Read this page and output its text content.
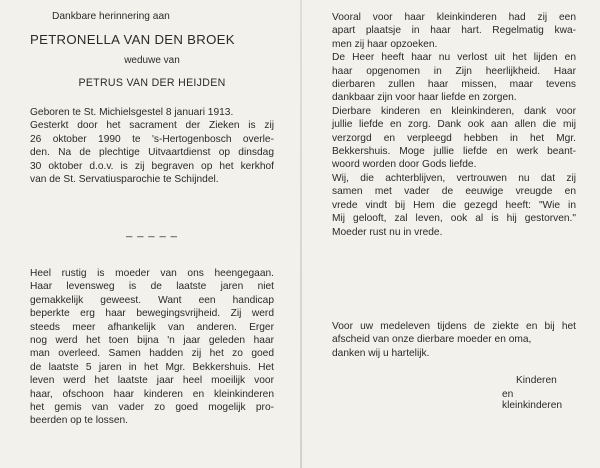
Dankbare herinnering aan
PETRONELLA VAN DEN BROEK
weduwe van
PETRUS VAN DER HEIJDEN
Geboren te St. Michielsgestel 8 januari 1913.
Gesterkt door het sacrament der Zieken is zij
26 oktober 1990 te 's-Hertogenbosch overle-
den. Na de plechtige Uitvaartdienst op dinsdag
30 oktober d.o.v. is zij begraven op het kerkhof
van de St. Servatiusparochie te Schijndel.
_ _ _ _ _
Heel rustig is moeder van ons heengegaan.
Haar levensweg is de laatste jaren niet
gemakkelijk geweest. Want een handicap
beperkte erg haar bewegingsvrijheid. Zij werd
steeds meer afhankelijk van anderen. Erger
nog werd het toen bijna 'n jaar geleden haar
man overleed. Samen hadden zij het zo goed
de laatste 5 jaren in het Mgr. Bekkershuis. Het
leven werd het laatste jaar heel moeilijk voor
haar, ofschoon haar kinderen en kleinkinderen
het gemis van vader zo goed mogelijk pro-
beerden op te lossen.
Vooral voor haar kleinkinderen had zij een
apart plaatsje in haar hart. Regelmatig kwa-
men zij haar opzoeken.
De Heer heeft haar nu verlost uit het lijden en
haar opgenomen in Zijn heerlijkheid. Haar
dierbaren zullen haar missen, maar tevens
dankbaar zijn voor haar liefde en zorgen.
Dierbare kinderen en kleinkinderen, dank voor
jullie liefde en zorg. Dank ook aan allen die mij
verzorgd en verpleegd hebben in het Mgr.
Bekkershuis. Moge jullie liefde en werk beant-
woord worden door Gods liefde.
Wij, die achterblijven, vertrouwen nu dat zij
samen met vader de eeuwige vreugde en
vrede vindt bij Hem die gezegd heeft: "Wie in
Mij gelooft, zal leven, ook al is hij gestorven."
Moeder rust nu in vrede.
Voor uw medeleven tijdens de ziekte en bij het
afscheid van onze dierbare moeder en oma,
danken wij u hartelijk.
Kinderen
en kleinkinderen
